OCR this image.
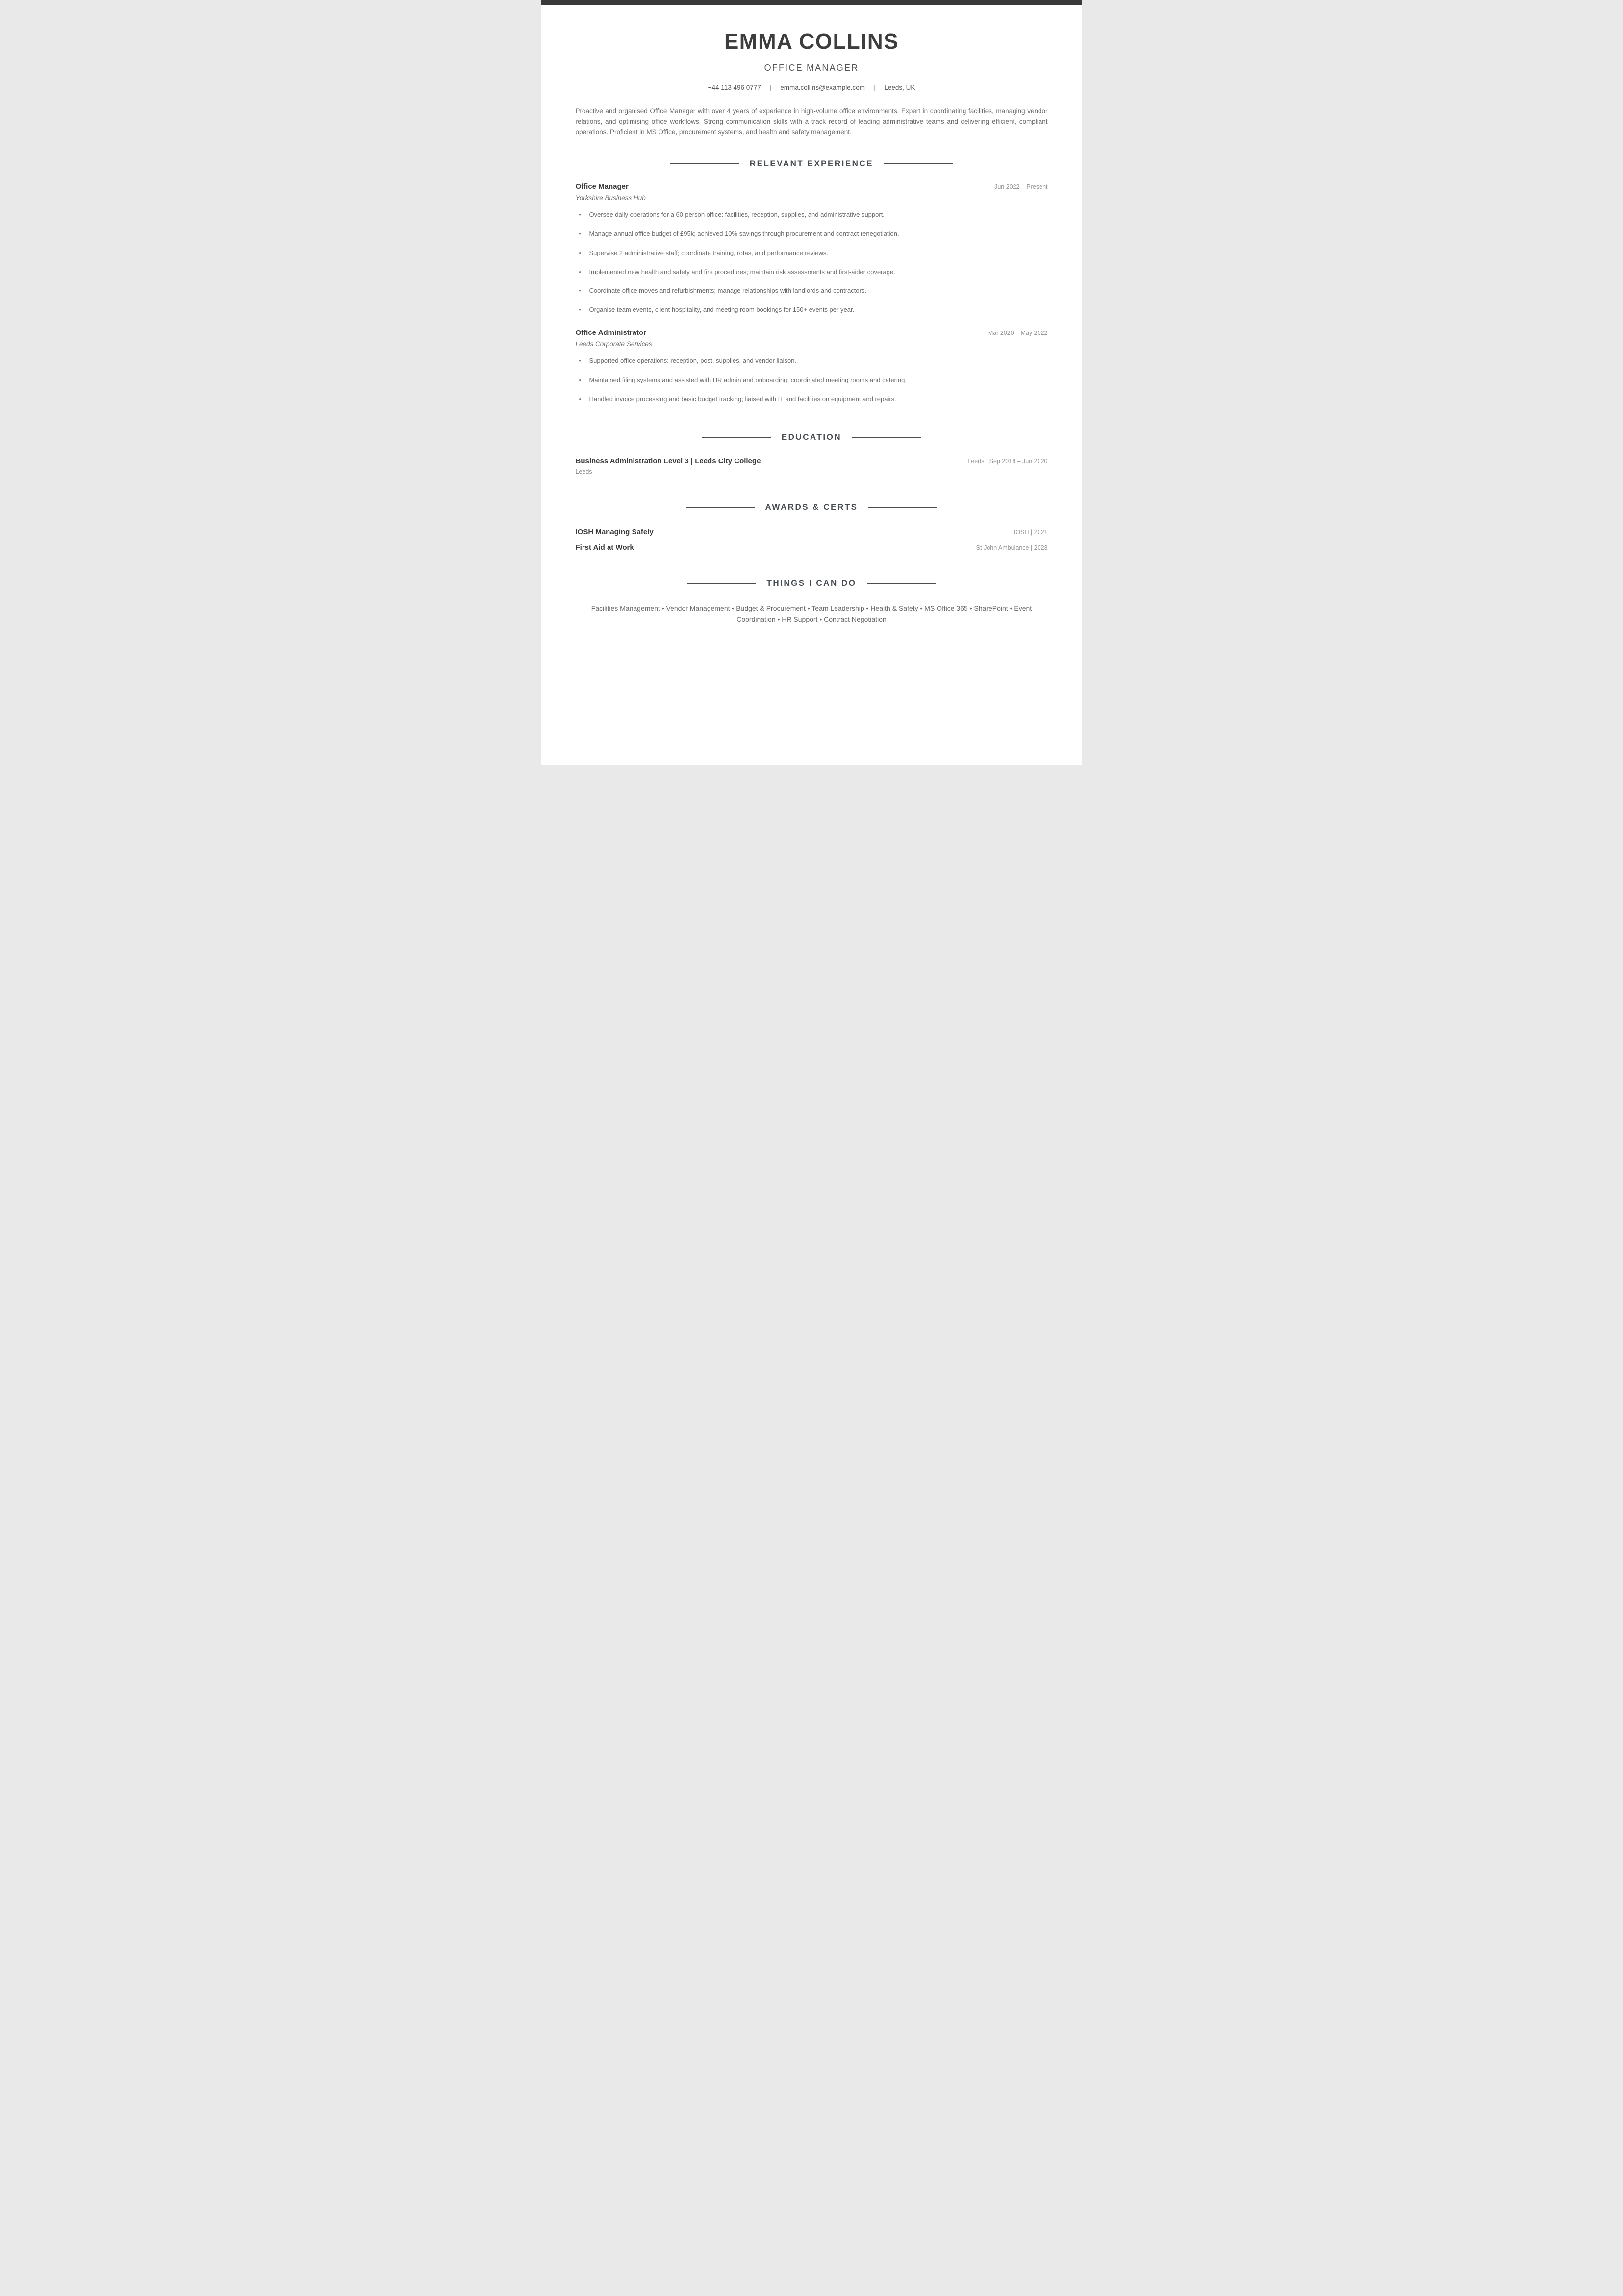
EMMA COLLINS
OFFICE MANAGER
+44 113 496 0777 | emma.collins@example.com | Leeds, UK

Proactive and organised Office Manager with over 4 years of experience in high-volume office environments. Expert in coordinating facilities, managing vendor relations, and optimising office workflows. Strong communication skills with a track record of leading administrative teams and delivering efficient, compliant operations. Proficient in MS Office, procurement systems, and health and safety management.

RELEVANT EXPERIENCE
Office Manager	Jun 2022 – Present
Yorkshire Business Hub
• Oversee daily operations for a 60-person office: facilities, reception, supplies, and administrative support.
• Manage annual office budget of £95k; achieved 10% savings through procurement and contract renegotiation.
• Supervise 2 administrative staff; coordinate training, rotas, and performance reviews.
• Implemented new health and safety and fire procedures; maintain risk assessments and first-aider coverage.
• Coordinate office moves and refurbishments; manage relationships with landlords and contractors.
• Organise team events, client hospitality, and meeting room bookings for 150+ events per year.
Office Administrator	Mar 2020 – May 2022
Leeds Corporate Services
• Supported office operations: reception, post, supplies, and vendor liaison.
• Maintained filing systems and assisted with HR admin and onboarding; coordinated meeting rooms and catering.
• Handled invoice processing and basic budget tracking; liaised with IT and facilities on equipment and repairs.
EDUCATION
Business Administration Level 3 | Leeds City College	Leeds | Sep 2018 – Jun 2020
Leeds
AWARDS & CERTS
IOSH Managing Safely	IOSH | 2021
First Aid at Work	St John Ambulance | 2023
THINGS I CAN DO

Facilities Management • Vendor Management • Budget & Procurement • Team Leadership • Health & Safety • MS Office 365 • SharePoint • Event Coordination • HR Support • Contract Negotiation
